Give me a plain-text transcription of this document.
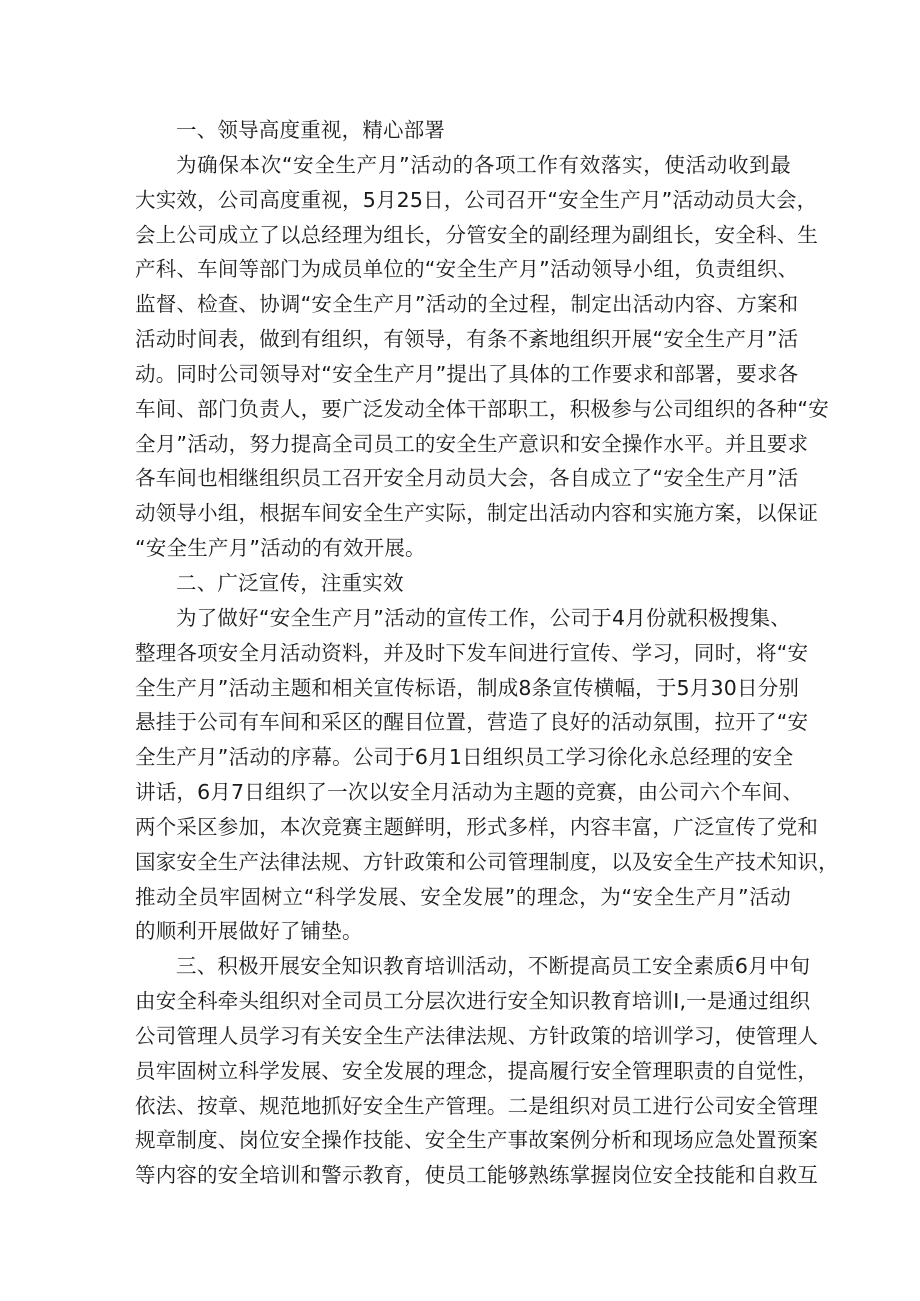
一、领导高度重视，精心部署
为确保本次“安全生产月”活动的各项工作有效落实，使活动收到最
大实效，公司高度重视，5月25日，公司召开“安全生产月”活动动员大会，
会上公司成立了以总经理为组长，分管安全的副经理为副组长，安全科、生
产科、车间等部门为成员单位的“安全生产月”活动领导小组，负责组织、
监督、检查、协调“安全生产月”活动的全过程，制定出活动内容、方案和
活动时间表，做到有组织，有领导，有条不紊地组织开展“安全生产月”活
动。同时公司领导对“安全生产月”提出了具体的工作要求和部署，要求各
车间、部门负责人，要广泛发动全体干部职工，积极参与公司组织的各种“安
全月”活动，努力提高全司员工的安全生产意识和安全操作水平。并且要求
各车间也相继组织员工召开安全月动员大会，各自成立了“安全生产月”活
动领导小组，根据车间安全生产实际，制定出活动内容和实施方案，以保证
“安全生产月”活动的有效开展。
二、广泛宣传，注重实效
为了做好“安全生产月”活动的宣传工作，公司于4月份就积极搜集、
整理各项安全月活动资料，并及时下发车间进行宣传、学习，同时，将“安
全生产月”活动主题和相关宣传标语，制成8条宣传横幅，于5月30日分别
悬挂于公司有车间和采区的醒目位置，营造了良好的活动氛围，拉开了“安
全生产月”活动的序幕。公司于6月1日组织员工学习徐化永总经理的安全
讲话，6月7日组织了一次以安全月活动为主题的竞赛，由公司六个车间、
两个采区参加，本次竞赛主题鲜明，形式多样，内容丰富，广泛宣传了党和
国家安全生产法律法规、方针政策和公司管理制度，以及安全生产技术知识，
推动全员牢固树立“科学发展、安全发展”的理念，为“安全生产月”活动
的顺利开展做好了铺垫。
三、积极开展安全知识教育培训活动，不断提高员工安全素质6月中旬
由安全科牵头组织对全司员工分层次进行安全知识教育培训I,一是通过组织
公司管理人员学习有关安全生产法律法规、方针政策的培训学习，使管理人
员牢固树立科学发展、安全发展的理念，提高履行安全管理职责的自觉性，
依法、按章、规范地抓好安全生产管理。二是组织对员工进行公司安全管理
规章制度、岗位安全操作技能、安全生产事故案例分析和现场应急处置预案
等内容的安全培训和警示教育，使员工能够熟练掌握岗位安全技能和自救互
